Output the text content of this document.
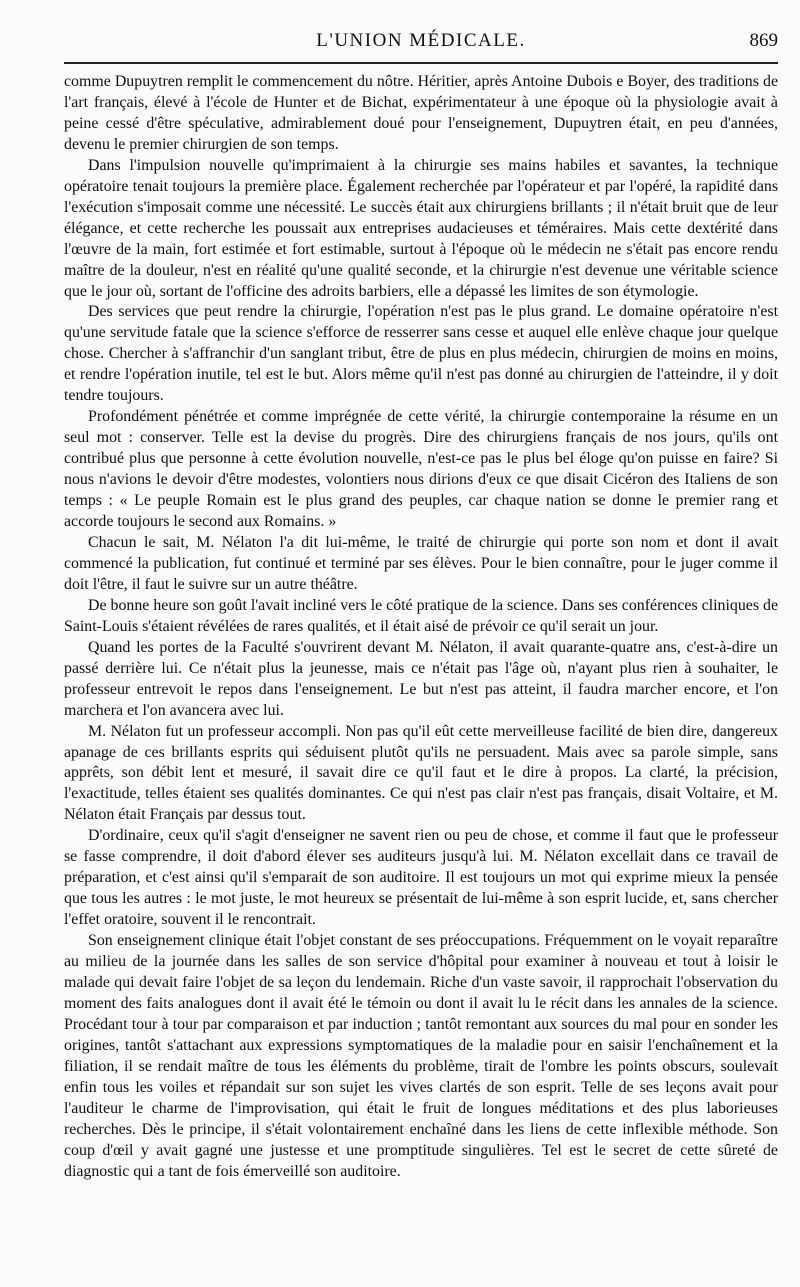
L'UNION MÉDICALE.	869

comme Dupuytren remplit le commencement du nôtre. Héritier, après Antoine Dubois e Boyer, des traditions de l'art français, élevé à l'école de Hunter et de Bichat, expérimentateur à une époque où la physiologie avait à peine cessé d'être spéculative, admirablement doué pour l'enseignement, Dupuytren était, en peu d'années, devenu le premier chirurgien de son temps.

Dans l'impulsion nouvelle qu'imprimaient à la chirurgie ses mains habiles et savantes, la technique opératoire tenait toujours la première place. Également recherchée par l'opérateur et par l'opéré, la rapidité dans l'exécution s'imposait comme une nécessité. Le succès était aux chirurgiens brillants ; il n'était bruit que de leur élégance, et cette recherche les poussait aux entreprises audacieuses et téméraires. Mais cette dextérité dans l'œuvre de la main, fort estimée et fort estimable, surtout à l'époque où le médecin ne s'était pas encore rendu maître de la douleur, n'est en réalité qu'une qualité seconde, et la chirurgie n'est devenue une véritable science que le jour où, sortant de l'officine des adroits barbiers, elle a dépassé les limites de son étymologie.

Des services que peut rendre la chirurgie, l'opération n'est pas le plus grand. Le domaine opératoire n'est qu'une servitude fatale que la science s'efforce de resserrer sans cesse et auquel elle enlève chaque jour quelque chose. Chercher à s'affranchir d'un sanglant tribut, être de plus en plus médecin, chirurgien de moins en moins, et rendre l'opération inutile, tel est le but. Alors même qu'il n'est pas donné au chirurgien de l'atteindre, il y doit tendre toujours.

Profondément pénétrée et comme imprégnée de cette vérité, la chirurgie contemporaine la résume en un seul mot : conserver. Telle est la devise du progrès. Dire des chirurgiens français de nos jours, qu'ils ont contribué plus que personne à cette évolution nouvelle, n'est-ce pas le plus bel éloge qu'on puisse en faire? Si nous n'avions le devoir d'être modestes, volontiers nous dirions d'eux ce que disait Cicéron des Italiens de son temps : « Le peuple Romain est le plus grand des peuples, car chaque nation se donne le premier rang et accorde toujours le second aux Romains. »

Chacun le sait, M. Nélaton l'a dit lui-même, le traité de chirurgie qui porte son nom et dont il avait commencé la publication, fut continué et terminé par ses élèves. Pour le bien connaître, pour le juger comme il doit l'être, il faut le suivre sur un autre théâtre.

De bonne heure son goût l'avait incliné vers le côté pratique de la science. Dans ses conférences cliniques de Saint-Louis s'étaient révélées de rares qualités, et il était aisé de prévoir ce qu'il serait un jour.

Quand les portes de la Faculté s'ouvrirent devant M. Nélaton, il avait quarante-quatre ans, c'est-à-dire un passé derrière lui. Ce n'était plus la jeunesse, mais ce n'était pas l'âge où, n'ayant plus rien à souhaiter, le professeur entrevoit le repos dans l'enseignement. Le but n'est pas atteint, il faudra marcher encore, et l'on marchera et l'on avancera avec lui.

M. Nélaton fut un professeur accompli. Non pas qu'il eût cette merveilleuse facilité de bien dire, dangereux apanage de ces brillants esprits qui séduisent plutôt qu'ils ne persuadent. Mais avec sa parole simple, sans apprêts, son débit lent et mesuré, il savait dire ce qu'il faut et le dire à propos. La clarté, la précision, l'exactitude, telles étaient ses qualités dominantes. Ce qui n'est pas clair n'est pas français, disait Voltaire, et M. Nélaton était Français par dessus tout.

D'ordinaire, ceux qu'il s'agit d'enseigner ne savent rien ou peu de chose, et comme il faut que le professeur se fasse comprendre, il doit d'abord élever ses auditeurs jusqu'à lui. M. Nélaton excellait dans ce travail de préparation, et c'est ainsi qu'il s'emparait de son auditoire. Il est toujours un mot qui exprime mieux la pensée que tous les autres : le mot juste, le mot heureux se présentait de lui-même à son esprit lucide, et, sans chercher l'effet oratoire, souvent il le rencontrait.

Son enseignement clinique était l'objet constant de ses préoccupations. Fréquemment on le voyait reparaître au milieu de la journée dans les salles de son service d'hôpital pour examiner à nouveau et tout à loisir le malade qui devait faire l'objet de sa leçon du lendemain. Riche d'un vaste savoir, il rapprochait l'observation du moment des faits analogues dont il avait été le témoin ou dont il avait lu le récit dans les annales de la science. Procédant tour à tour par comparaison et par induction ; tantôt remontant aux sources du mal pour en sonder les origines, tantôt s'attachant aux expressions symptomatiques de la maladie pour en saisir l'enchaînement et la filiation, il se rendait maître de tous les éléments du problème, tirait de l'ombre les points obscurs, soulevait enfin tous les voiles et répandait sur son sujet les vives clartés de son esprit. Telle de ses leçons avait pour l'auditeur le charme de l'improvisation, qui était le fruit de longues méditations et des plus laborieuses recherches. Dès le principe, il s'était volontairement enchaîné dans les liens de cette inflexible méthode. Son coup d'œil y avait gagné une justesse et une promptitude singulières. Tel est le secret de cette sûreté de diagnostic qui a tant de fois émerveillé son auditoire.
